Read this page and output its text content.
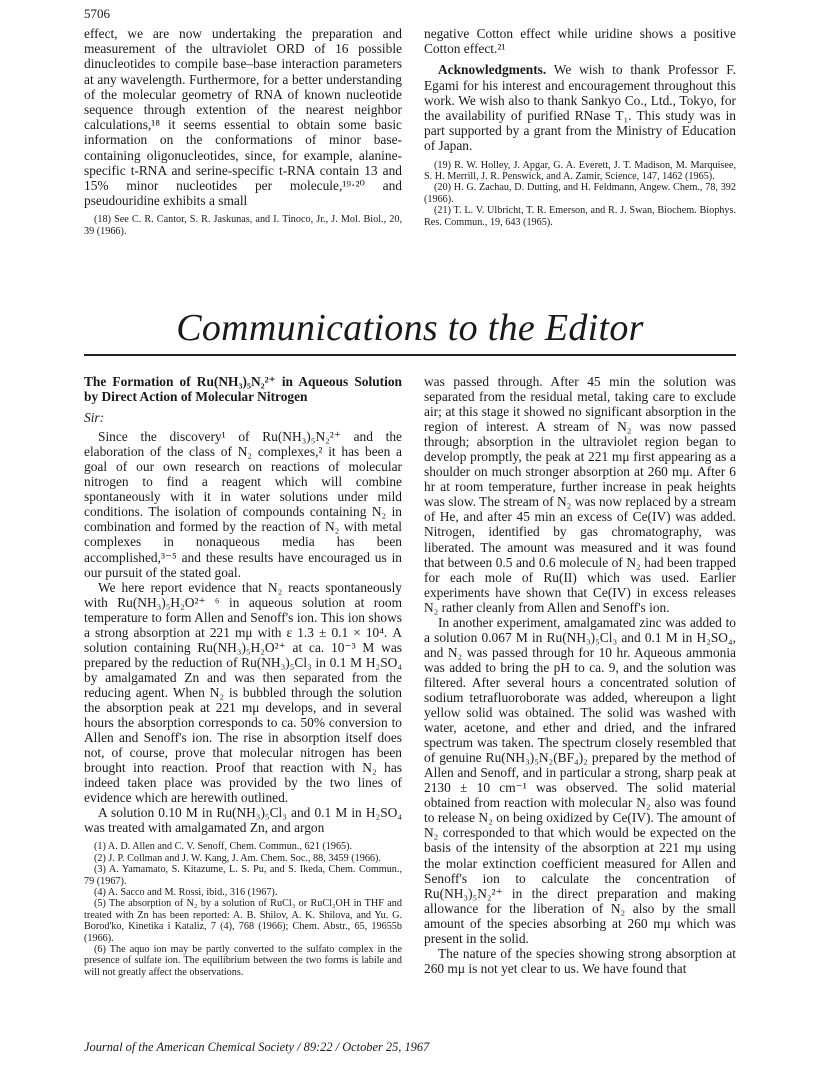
5706

effect, we are now undertaking the preparation and measurement of the ultraviolet ORD of 16 possible dinucleotides to compile base–base interaction parameters at any wavelength. Furthermore, for a better understanding of the molecular geometry of RNA of known nucleotide sequence through extention of the nearest neighbor calculations,¹⁸ it seems essential to obtain some basic information on the conformations of minor base-containing oligonucleotides, since, for example, alanine-specific t-RNA and serine-specific t-RNA contain 13 and 15% minor nucleotides per molecule,¹⁹·²⁰ and pseudouridine exhibits a small

(18) See C. R. Cantor, S. R. Jaskunas, and I. Tinoco, Jr., J. Mol. Biol., 20, 39 (1966).

negative Cotton effect while uridine shows a positive Cotton effect.²¹

Acknowledgments. We wish to thank Professor F. Egami for his interest and encouragement throughout this work. We wish also to thank Sankyo Co., Ltd., Tokyo, for the availability of purified RNase T₁. This study was in part supported by a grant from the Ministry of Education of Japan.

(19) R. W. Holley, J. Apgar, G. A. Everett, J. T. Madison, M. Marquisee, S. H. Merrill, J. R. Penswick, and A. Zamir, Science, 147, 1462 (1965).
(20) H. G. Zachau, D. Dutting, and H. Feldmann, Angew. Chem., 78, 392 (1966).
(21) T. L. V. Ulbricht, T. R. Emerson, and R. J. Swan, Biochem. Biophys. Res. Commun., 19, 643 (1965).
Communications to the Editor
The Formation of Ru(NH₃)₅N₂²⁺ in Aqueous Solution by Direct Action of Molecular Nitrogen
Sir:

Since the discovery¹ of Ru(NH₃)₅N₂²⁺ and the elaboration of the class of N₂ complexes,² it has been a goal of our own research on reactions of molecular nitrogen to find a reagent which will combine spontaneously with it in water solutions under mild conditions. The isolation of compounds containing N₂ in combination and formed by the reaction of N₂ with metal complexes in nonaqueous media has been accomplished,³⁻⁵ and these results have encouraged us in our pursuit of the stated goal.

We here report evidence that N₂ reacts spontaneously with Ru(NH₃)₅H₂O²⁺ ⁶ in aqueous solution at room temperature to form Allen and Senoff's ion. This ion shows a strong absorption at 221 mμ with ε 1.3 ± 0.1 × 10⁴. A solution containing Ru(NH₃)₅H₂O²⁺ at ca. 10⁻³ M was prepared by the reduction of Ru(NH₃)₅Cl₃ in 0.1 M H₂SO₄ by amalgamated Zn and was then separated from the reducing agent. When N₂ is bubbled through the solution the absorption peak at 221 mμ develops, and in several hours the absorption corresponds to ca. 50% conversion to Allen and Senoff's ion. The rise in absorption itself does not, of course, prove that molecular nitrogen has been brought into reaction. Proof that reaction with N₂ has indeed taken place was provided by the two lines of evidence which are herewith outlined.

A solution 0.10 M in Ru(NH₃)₅Cl₃ and 0.1 M in H₂SO₄ was treated with amalgamated Zn, and argon

(1) A. D. Allen and C. V. Senoff, Chem. Commun., 621 (1965).
(2) J. P. Collman and J. W. Kang, J. Am. Chem. Soc., 88, 3459 (1966).
(3) A. Yamamato, S. Kitazume, L. S. Pu, and S. Ikeda, Chem. Commun., 79 (1967).
(4) A. Sacco and M. Rossi, ibid., 316 (1967).
(5) The absorption of N₂ by a solution of RuCl₃ or RuCl₃OH in THF and treated with Zn has been reported: A. B. Shilov, A. K. Shilova, and Yu. G. Borod'ko, Kinetika i Kataliz, 7 (4), 768 (1966); Chem. Abstr., 65, 19655b (1966).
(6) The aquo ion may be partly converted to the sulfato complex in the presence of sulfate ion. The equilibrium between the two forms is labile and will not greatly affect the observations.

was passed through. After 45 min the solution was separated from the residual metal, taking care to exclude air; at this stage it showed no significant absorption in the region of interest. A stream of N₂ was now passed through; absorption in the ultraviolet region began to develop promptly, the peak at 221 mμ first appearing as a shoulder on much stronger absorption at 260 mμ. After 6 hr at room temperature, further increase in peak heights was slow. The stream of N₂ was now replaced by a stream of He, and after 45 min an excess of Ce(IV) was added. Nitrogen, identified by gas chromatography, was liberated. The amount was measured and it was found that between 0.5 and 0.6 molecule of N₂ had been trapped for each mole of Ru(II) which was used. Earlier experiments have shown that Ce(IV) in excess releases N₂ rather cleanly from Allen and Senoff's ion.

In another experiment, amalgamated zinc was added to a solution 0.067 M in Ru(NH₃)₅Cl₃ and 0.1 M in H₂SO₄, and N₂ was passed through for 10 hr. Aqueous ammonia was added to bring the pH to ca. 9, and the solution was filtered. After several hours a concentrated solution of sodium tetrafluoroborate was added, whereupon a light yellow solid was obtained. The solid was washed with water, acetone, and ether and dried, and the infrared spectrum was taken. The spectrum closely resembled that of genuine Ru(NH₃)₅N₂(BF₄)₂ prepared by the method of Allen and Senoff, and in particular a strong, sharp peak at 2130 ± 10 cm⁻¹ was observed. The solid material obtained from reaction with molecular N₂ also was found to release N₂ on being oxidized by Ce(IV). The amount of N₂ corresponded to that which would be expected on the basis of the intensity of the absorption at 221 mμ using the molar extinction coefficient measured for Allen and Senoff's ion to calculate the concentration of Ru(NH₃)₅N₂²⁺ in the direct preparation and making allowance for the liberation of N₂ also by the small amount of the species absorbing at 260 mμ which was present in the solid.

The nature of the species showing strong absorption at 260 mμ is not yet clear to us. We have found that

Journal of the American Chemical Society / 89:22 / October 25, 1967
